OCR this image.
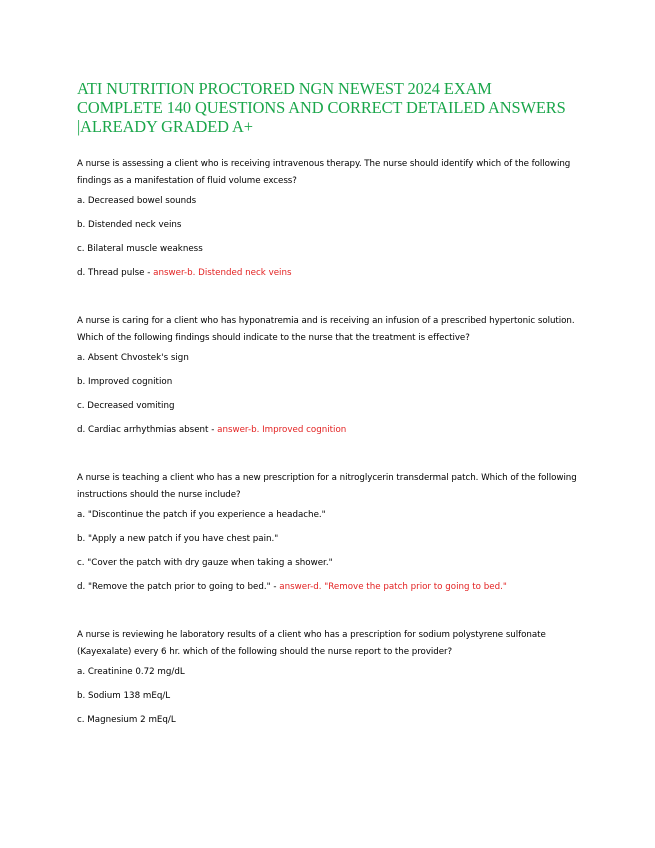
ATI NUTRITION PROCTORED NGN NEWEST 2024 EXAM COMPLETE 140 QUESTIONS AND CORRECT DETAILED ANSWERS |ALREADY GRADED A+

A nurse is assessing a client who is receiving intravenous therapy. The nurse should identify which of the following findings as a manifestation of fluid volume excess?

a. Decreased bowel sounds

b. Distended neck veins

c. Bilateral muscle weakness

d. Thread pulse - answer-b. Distended neck veins

A nurse is caring for a client who has hyponatremia and is receiving an infusion of a prescribed hypertonic solution. Which of the following findings should indicate to the nurse that the treatment is effective?

a. Absent Chvostek's sign

b. Improved cognition

c. Decreased vomiting

d. Cardiac arrhythmias absent - answer-b. Improved cognition

A nurse is teaching a client who has a new prescription for a nitroglycerin transdermal patch. Which of the following instructions should the nurse include?

a. "Discontinue the patch if you experience a headache."

b. "Apply a new patch if you have chest pain."

c. "Cover the patch with dry gauze when taking a shower."

d. "Remove the patch prior to going to bed." - answer-d. "Remove the patch prior to going to bed."

A nurse is reviewing he laboratory results of a client who has a prescription for sodium polystyrene sulfonate (Kayexalate) every 6 hr. which of the following should the nurse report to the provider?

a. Creatinine 0.72 mg/dL

b. Sodium 138 mEq/L

c. Magnesium 2 mEq/L
